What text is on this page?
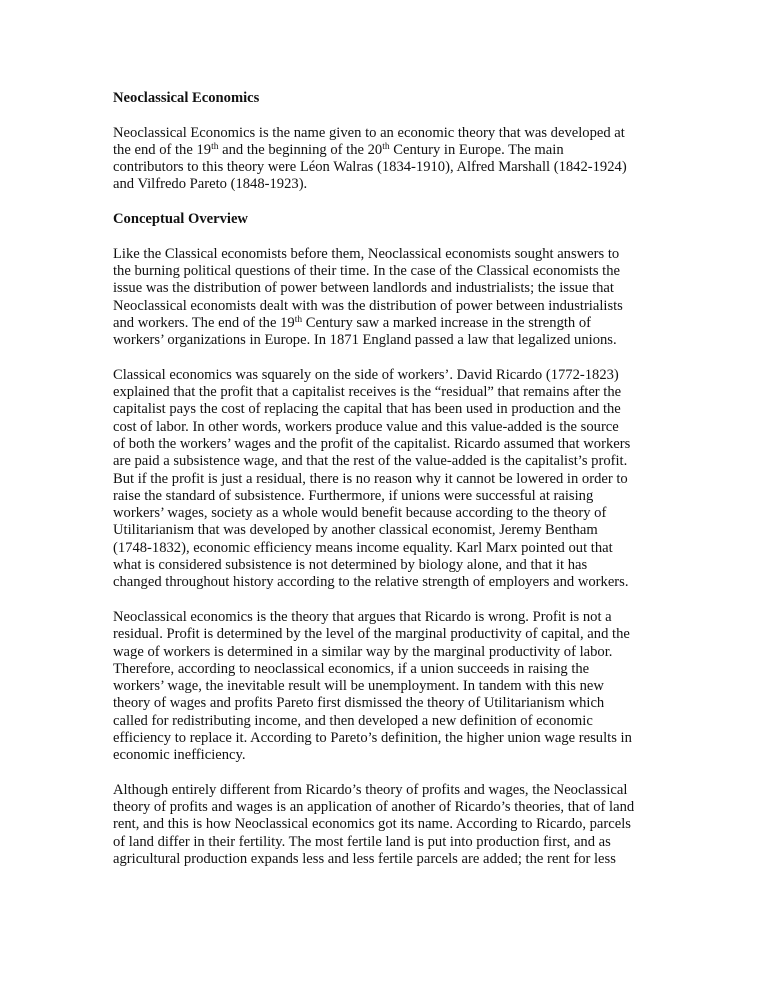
Neoclassical Economics
Neoclassical Economics is the name given to an economic theory that was developed at
the end of the 19th and the beginning of the 20th Century in Europe. The main
contributors to this theory were Léon Walras (1834-1910), Alfred Marshall (1842-1924)
and Vilfredo Pareto (1848-1923).
Conceptual Overview
Like the Classical economists before them, Neoclassical economists sought answers to
the burning political questions of their time. In the case of the Classical economists the
issue was the distribution of power between landlords and industrialists; the issue that
Neoclassical economists dealt with was the distribution of power between industrialists
and workers. The end of the 19th Century saw a marked increase in the strength of
workers’ organizations in Europe. In 1871 England passed a law that legalized unions.
Classical economics was squarely on the side of workers’. David Ricardo (1772-1823)
explained that the profit that a capitalist receives is the “residual” that remains after the
capitalist pays the cost of replacing the capital that has been used in production and the
cost of labor. In other words, workers produce value and this value-added is the source
of both the workers’ wages and the profit of the capitalist. Ricardo assumed that workers
are paid a subsistence wage, and that the rest of the value-added is the capitalist’s profit.
But if the profit is just a residual, there is no reason why it cannot be lowered in order to
raise the standard of subsistence. Furthermore, if unions were successful at raising
workers’ wages, society as a whole would benefit because according to the theory of
Utilitarianism that was developed by another classical economist, Jeremy Bentham
(1748-1832), economic efficiency means income equality. Karl Marx pointed out that
what is considered subsistence is not determined by biology alone, and that it has
changed throughout history according to the relative strength of employers and workers.
Neoclassical economics is the theory that argues that Ricardo is wrong. Profit is not a
residual. Profit is determined by the level of the marginal productivity of capital, and the
wage of workers is determined in a similar way by the marginal productivity of labor.
Therefore, according to neoclassical economics, if a union succeeds in raising the
workers’ wage, the inevitable result will be unemployment. In tandem with this new
theory of wages and profits Pareto first dismissed the theory of Utilitarianism which
called for redistributing income, and then developed a new definition of economic
efficiency to replace it. According to Pareto’s definition, the higher union wage results in
economic inefficiency.
Although entirely different from Ricardo’s theory of profits and wages, the Neoclassical
theory of profits and wages is an application of another of Ricardo’s theories, that of land
rent, and this is how Neoclassical economics got its name. According to Ricardo, parcels
of land differ in their fertility. The most fertile land is put into production first, and as
agricultural production expands less and less fertile parcels are added; the rent for less
